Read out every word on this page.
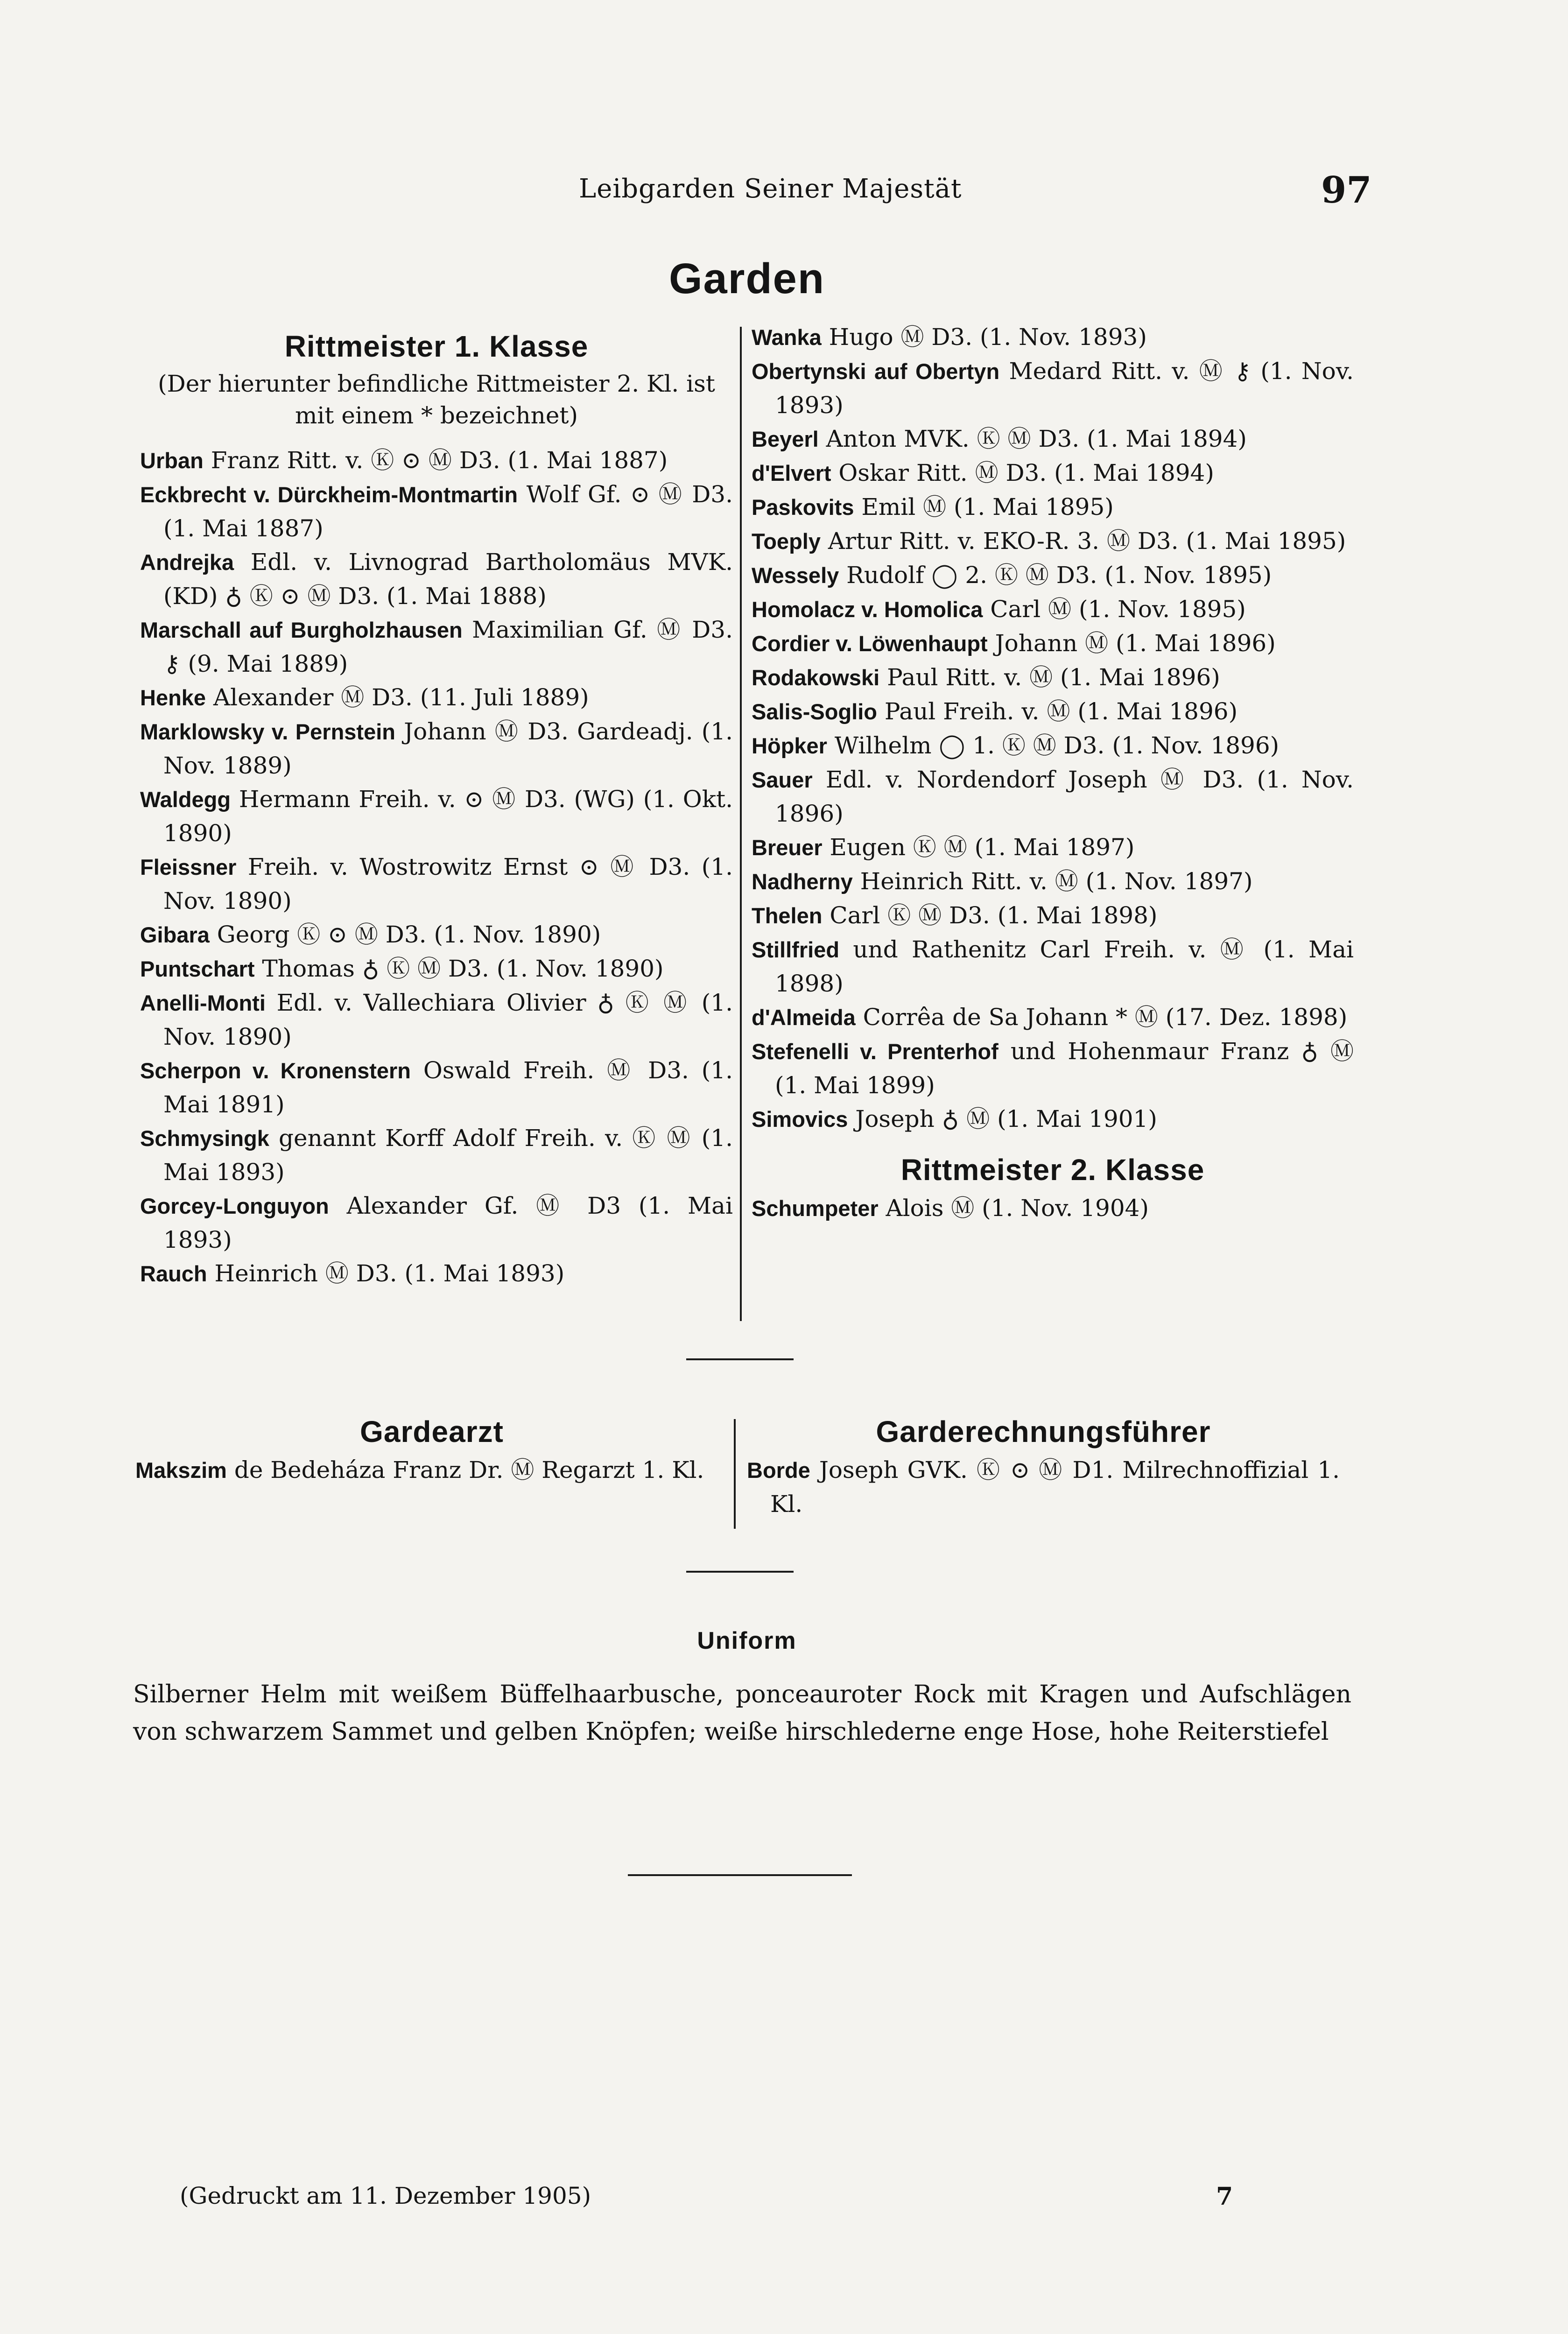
Leibgarden Seiner Majestät	97
Garden
Rittmeister 1. Klasse
(Der hierunter befindliche Rittmeister 2. Kl. ist mit einem * bezeichnet)

Urban Franz Ritt. v. Ⓚ ⊙ Ⓜ D3. (1. Mai 1887)

Eckbrecht v. Dürckheim-Montmartin Wolf Gf. ⊙ Ⓜ D3. (1. Mai 1887)

Andrejka Edl. v. Livnograd Bartholomäus MVK. (KD) ♁ Ⓚ ⊙ Ⓜ D3. (1. Mai 1888)

Marschall auf Burgholzhausen Maximilian Gf. Ⓜ D3. ⚷ (9. Mai 1889)

Henke Alexander Ⓜ D3. (11. Juli 1889)

Marklowsky v. Pernstein Johann Ⓜ D3. Gardeadj. (1. Nov. 1889)

Waldegg Hermann Freih. v. ⊙ Ⓜ D3. (WG) (1. Okt. 1890)

Fleissner Freih. v. Wostrowitz Ernst ⊙ Ⓜ D3. (1. Nov. 1890)

Gibara Georg Ⓚ ⊙ Ⓜ D3. (1. Nov. 1890)

Puntschart Thomas ♁ Ⓚ Ⓜ D3. (1. Nov. 1890)

Anelli-Monti Edl. v. Vallechiara Olivier ♁ Ⓚ Ⓜ (1. Nov. 1890)

Scherpon v. Kronenstern Oswald Freih. Ⓜ D3. (1. Mai 1891)

Schmysingk genannt Korff Adolf Freih. v. Ⓚ Ⓜ (1. Mai 1893)

Gorcey-Longuyon Alexander Gf. Ⓜ D3 (1. Mai 1893)

Rauch Heinrich Ⓜ D3. (1. Mai 1893)

Wanka Hugo Ⓜ D3. (1. Nov. 1893)

Obertynski auf Obertyn Medard Ritt. v. Ⓜ ⚷ (1. Nov. 1893)

Beyerl Anton MVK. Ⓚ Ⓜ D3. (1. Mai 1894)

d'Elvert Oskar Ritt. Ⓜ D3. (1. Mai 1894)

Paskovits Emil Ⓜ (1. Mai 1895)

Toeply Artur Ritt. v. EKO-R. 3. Ⓜ D3. (1. Mai 1895)

Wessely Rudolf ◯ 2. Ⓚ Ⓜ D3. (1. Nov. 1895)

Homolacz v. Homolica Carl Ⓜ (1. Nov. 1895)

Cordier v. Löwenhaupt Johann Ⓜ (1. Mai 1896)

Rodakowski Paul Ritt. v. Ⓜ (1. Mai 1896)

Salis-Soglio Paul Freih. v. Ⓜ (1. Mai 1896)

Höpker Wilhelm ◯ 1. Ⓚ Ⓜ D3. (1. Nov. 1896)

Sauer Edl. v. Nordendorf Joseph Ⓜ D3. (1. Nov. 1896)

Breuer Eugen Ⓚ Ⓜ (1. Mai 1897)

Nadherny Heinrich Ritt. v. Ⓜ (1. Nov. 1897)

Thelen Carl Ⓚ Ⓜ D3. (1. Mai 1898)

Stillfried und Rathenitz Carl Freih. v. Ⓜ (1. Mai 1898)

d'Almeida Corrêa de Sa Johann * Ⓜ (17. Dez. 1898)

Stefenelli v. Prenterhof und Hohenmaur Franz ♁ Ⓜ (1. Mai 1899)

Simovics Joseph ♁ Ⓜ (1. Mai 1901)

Rittmeister 2. Klasse

Schumpeter Alois Ⓜ (1. Nov. 1904)

Gardearzt

Makszim de Bedeháza Franz Dr. Ⓜ Regarzt 1. Kl.

Garderechnungsführer

Borde Joseph GVK. Ⓚ ⊙ Ⓜ D1. Milrechnoffizial 1. Kl.

Uniform
Silberner Helm mit weißem Büffelhaarbusche, ponceauroter Rock mit Kragen und Aufschlägen von schwarzem Sammet und gelben Knöpfen; weiße hirschlederne enge Hose, hohe Reiterstiefel
(Gedruckt am 11. Dezember 1905)	7
